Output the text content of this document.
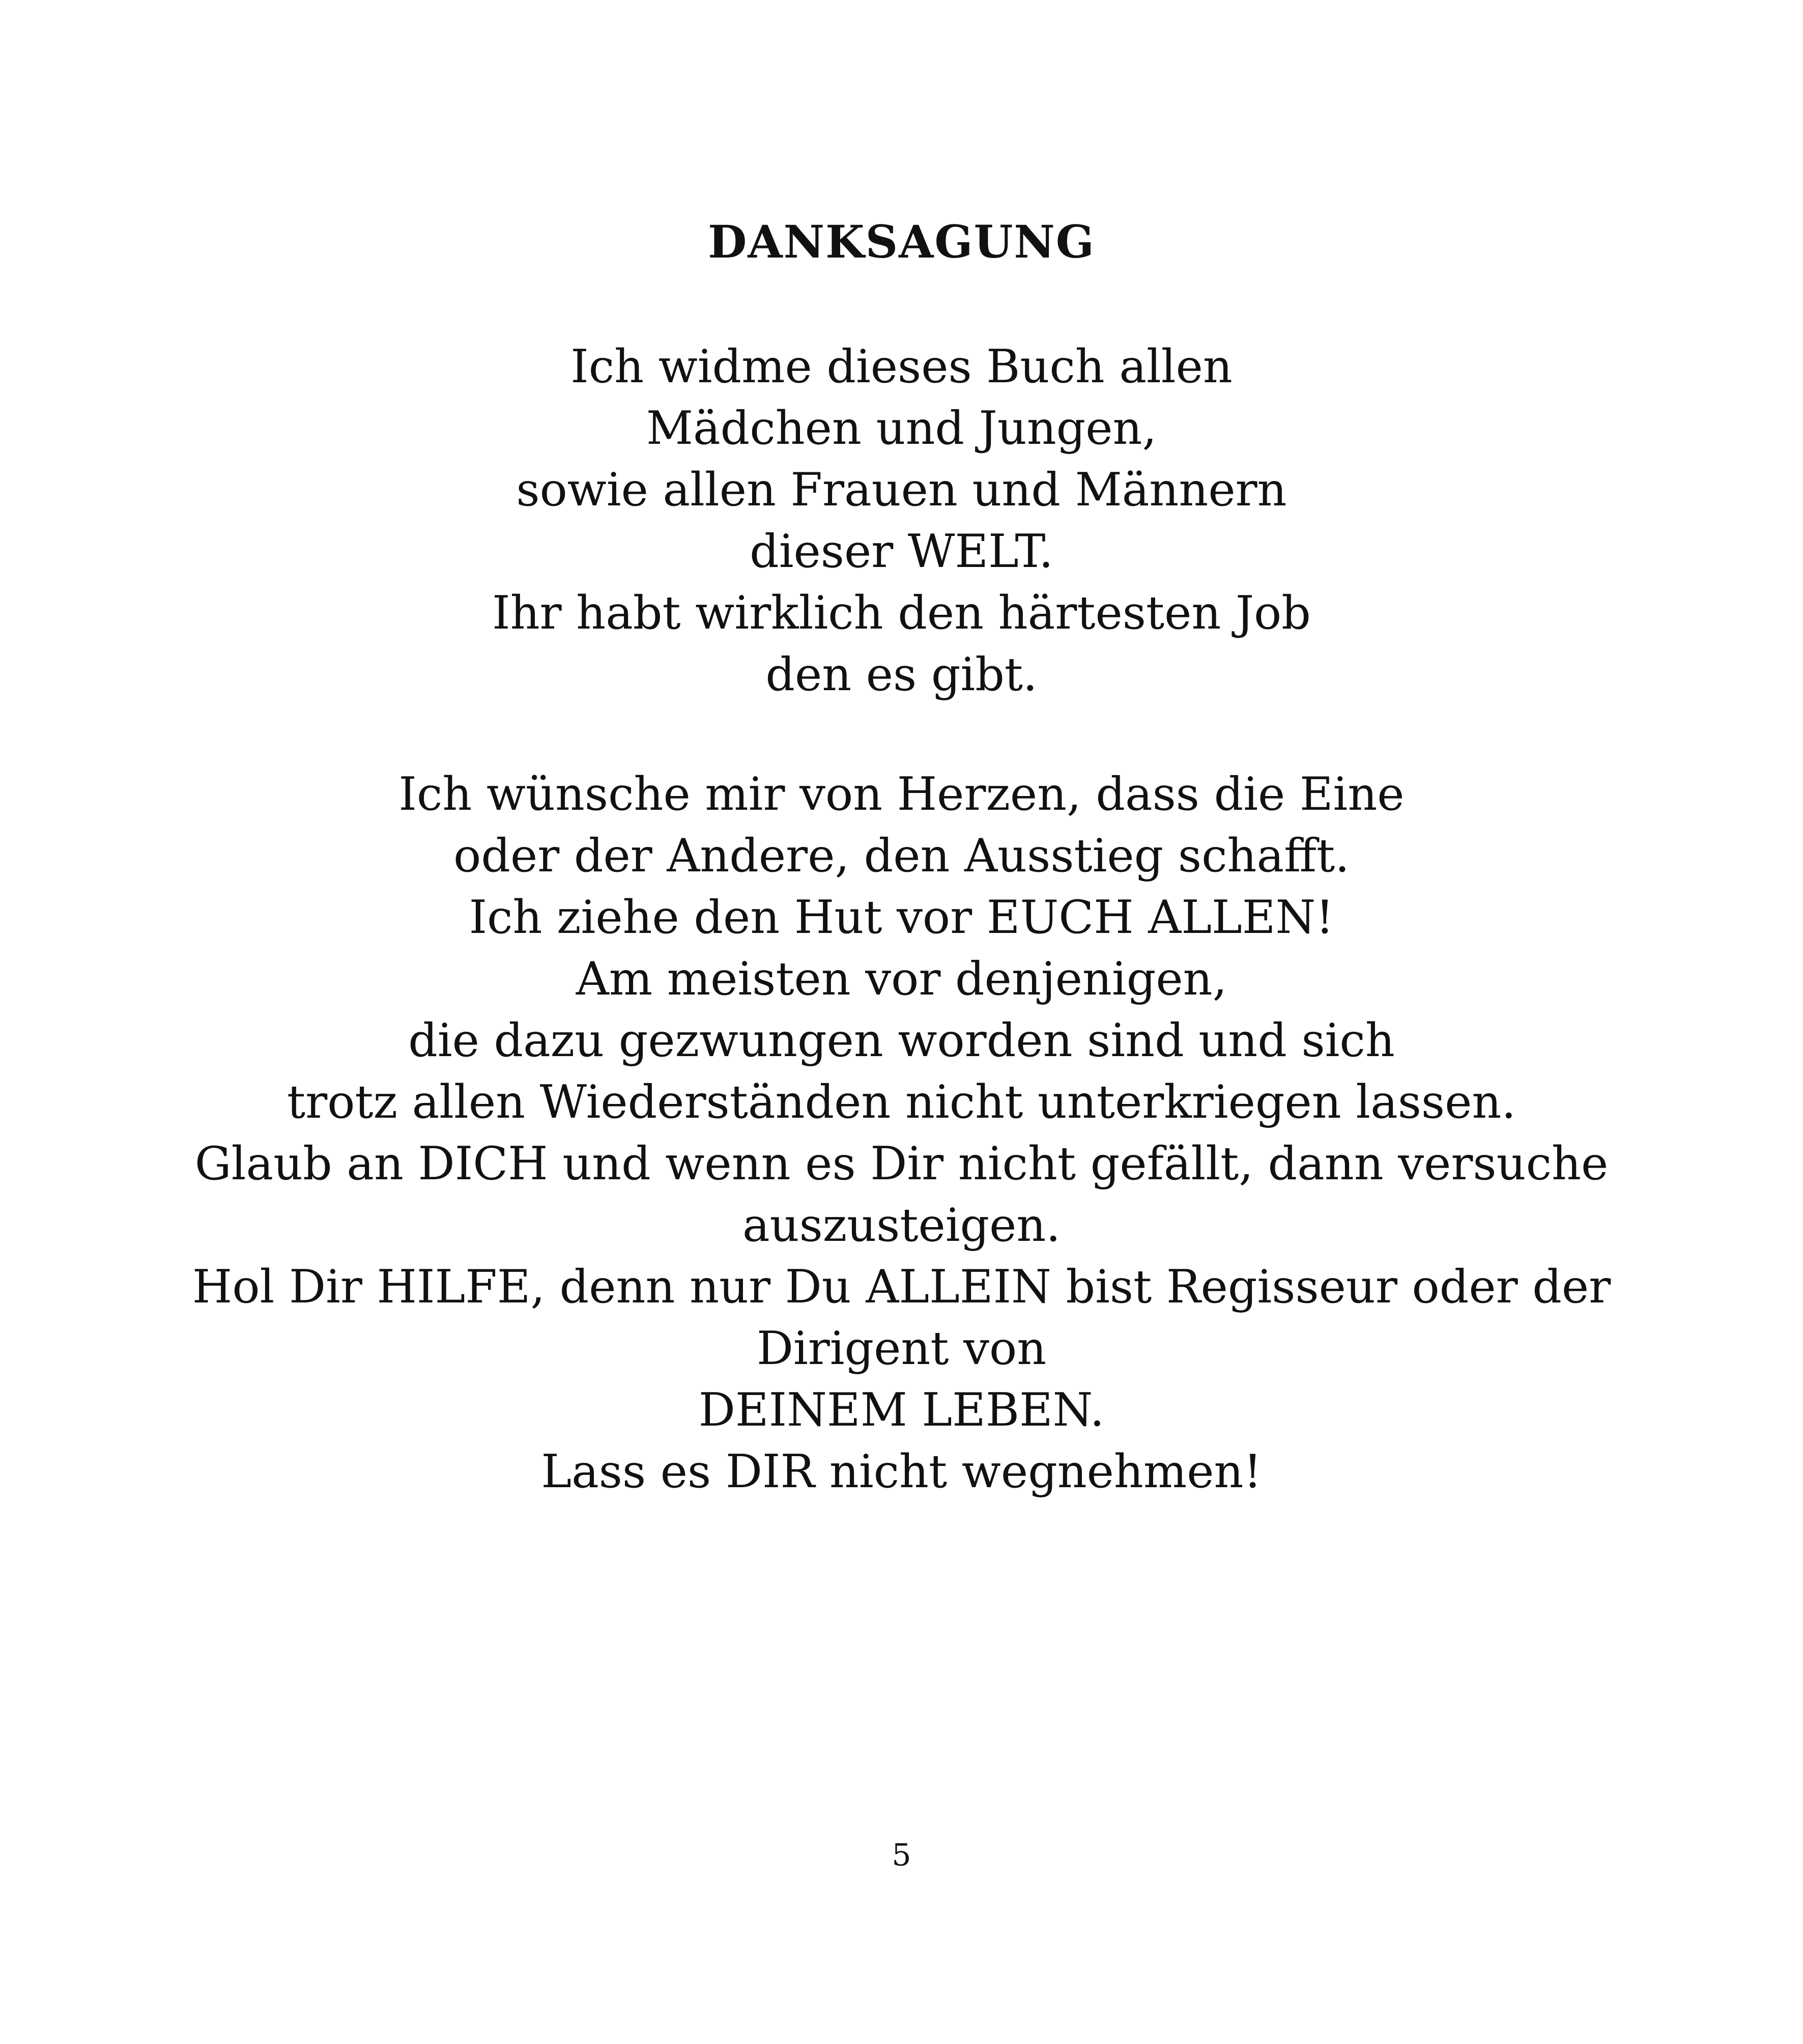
DANKSAGUNG

Ich widme dieses Buch allen
Mädchen und Jungen,
sowie allen Frauen und Männern
dieser WELT.
Ihr habt wirklich den härtesten Job
den es gibt.

Ich wünsche mir von Herzen, dass die Eine
oder der Andere, den Ausstieg schafft.
Ich ziehe den Hut vor EUCH ALLEN!
Am meisten vor denjenigen,
die dazu gezwungen worden sind und sich
trotz allen Wiederständen nicht unterkriegen lassen.
Glaub an DICH und wenn es Dir nicht gefällt, dann versuche
auszusteigen.
Hol Dir HILFE, denn nur Du ALLEIN bist Regisseur oder der
Dirigent von
DEINEM LEBEN.
Lass es DIR nicht wegnehmen!

5
